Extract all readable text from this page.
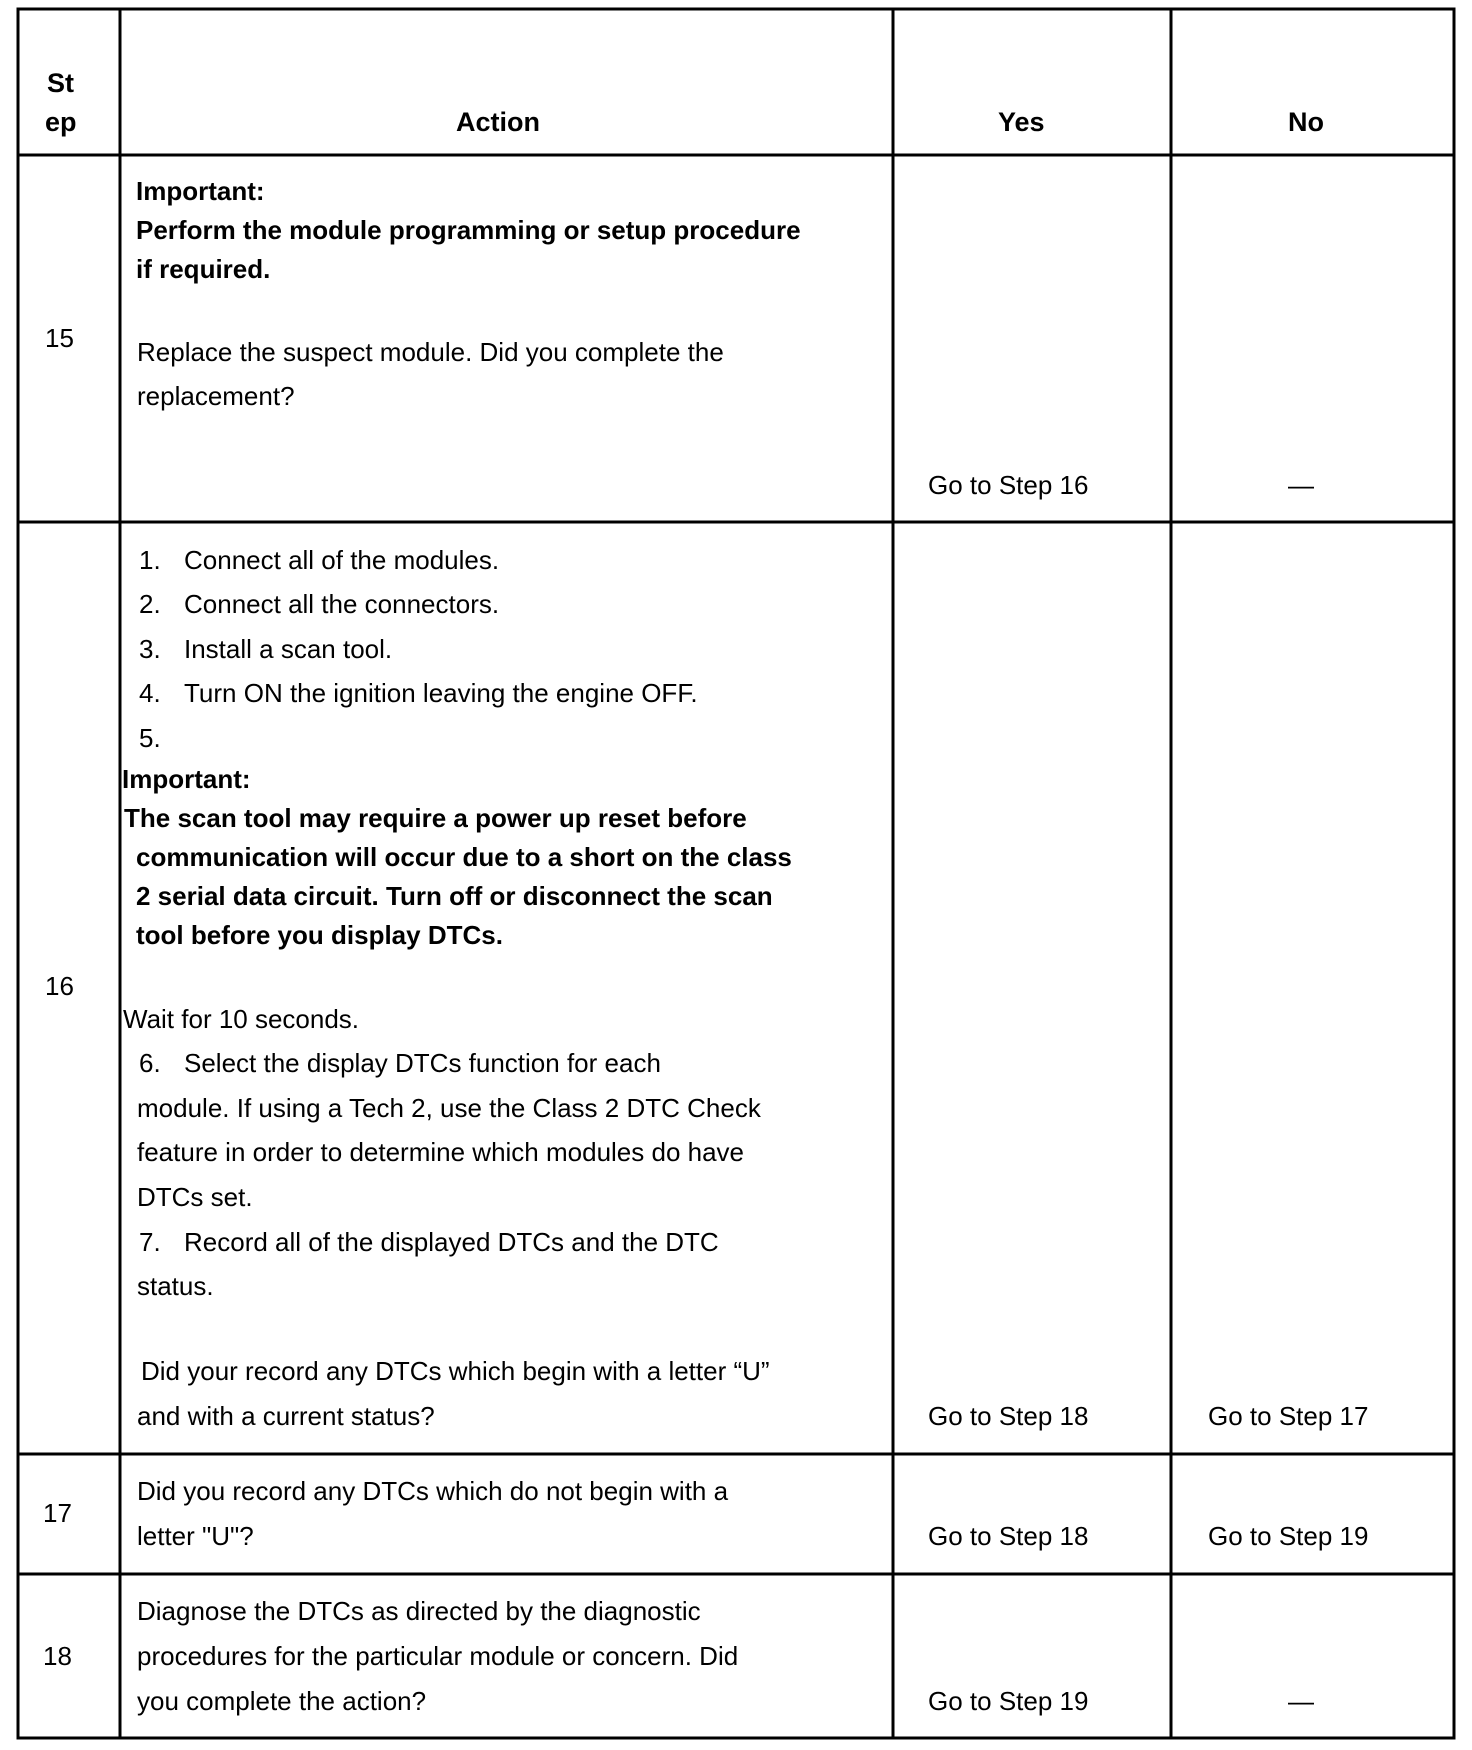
St
ep	Action	Yes	No
15
Important:
Perform the module programming or setup procedure
if required.
Replace the suspect module. Did you complete the
replacement?
Go to Step 16	—
16
1. Connect all of the modules.
2. Connect all the connectors.
3. Install a scan tool.
4. Turn ON the ignition leaving the engine OFF.
5.
Important:
The scan tool may require a power up reset before
communication will occur due to a short on the class
2 serial data circuit. Turn off or disconnect the scan
tool before you display DTCs.
Wait for 10 seconds.
6. Select the display DTCs function for each
module. If using a Tech 2, use the Class 2 DTC Check
feature in order to determine which modules do have
DTCs set.
7. Record all of the displayed DTCs and the DTC
status.
Did your record any DTCs which begin with a letter “U”
and with a current status?	Go to Step 18	Go to Step 17
17
Did you record any DTCs which do not begin with a
letter "U"?	Go to Step 18	Go to Step 19
18
Diagnose the DTCs as directed by the diagnostic
procedures for the particular module or concern. Did
you complete the action?	Go to Step 19	—
